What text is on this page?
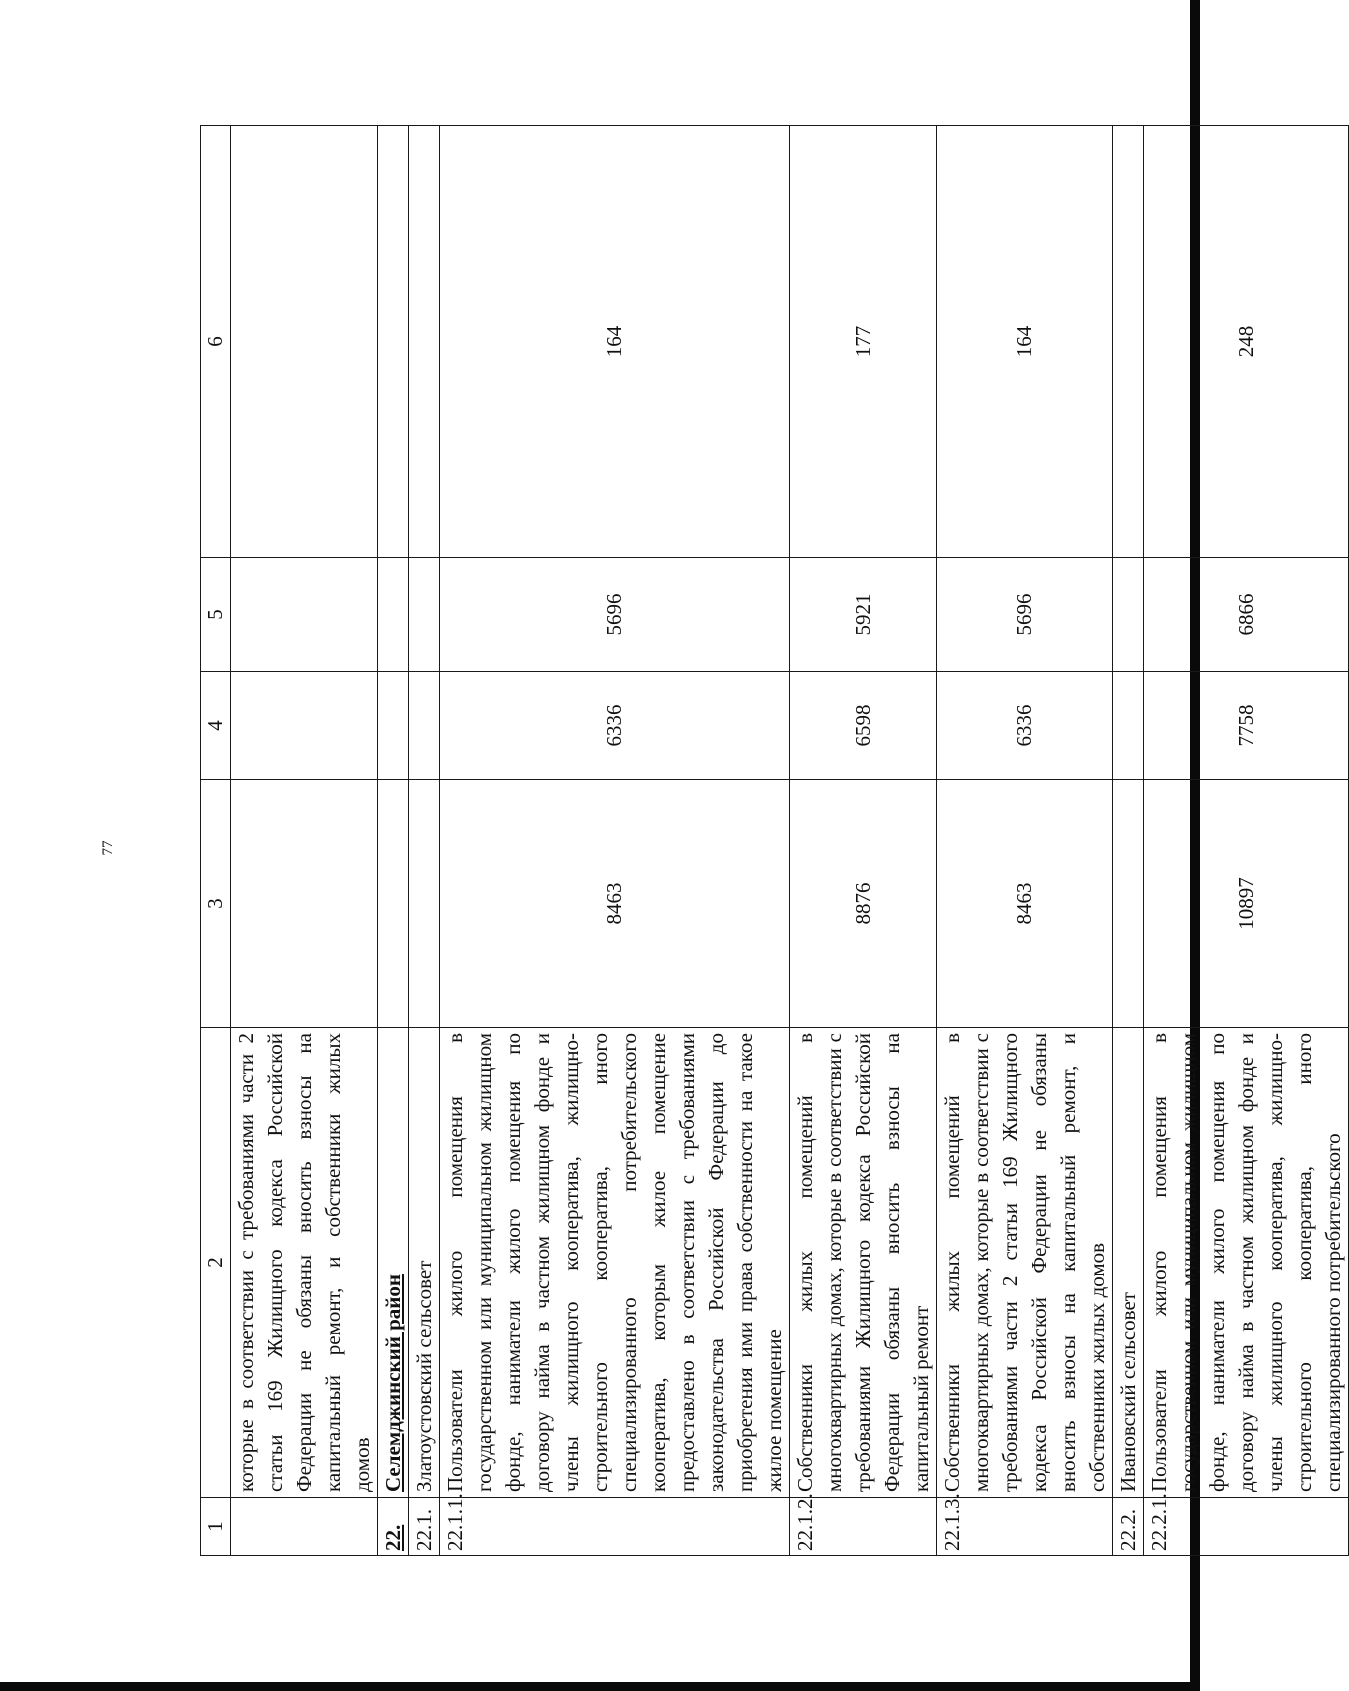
77
1	2	3	4	5	6
	которые в соответствии с требованиями части 2 статьи 169 Жилищного кодекса Российской Федерации не обязаны вносить взносы на капитальный ремонт, и собственники жилых домов				
22.	Селемджинский район				
22.1.	Златоустовский сельсовет				
22.1.1.	Пользователи жилого помещения в государственном или муниципальном жилищном фонде, наниматели жилого помещения по договору найма в частном жилищном фонде и члены жилищного кооператива, жилищно-строительного кооператива, иного специализированного потребительского кооператива, которым жилое помещение предоставлено в соответствии с требованиями законодательства Российской Федерации до приобретения ими права собственности на такое жилое помещение	8463	6336	5696	164
22.1.2.	Собственники жилых помещений в многоквартирных домах, которые в соответствии с требованиями Жилищного кодекса Российской Федерации обязаны вносить взносы на капитальный ремонт	8876	6598	5921	177
22.1.3.	Собственники жилых помещений в многоквартирных домах, которые в соответствии с требованиями части 2 статьи 169 Жилищного кодекса Российской Федерации не обязаны вносить взносы на капитальный ремонт, и собственники жилых домов	8463	6336	5696	164
22.2.	Ивановский сельсовет				
22.2.1.	Пользователи жилого помещения в государственном или муниципальном жилищном фонде, наниматели жилого помещения по договору найма в частном жилищном фонде и члены жилищного кооператива, жилищно-строительного кооператива, иного специализированного потребительского	10897	7758	6866	248
